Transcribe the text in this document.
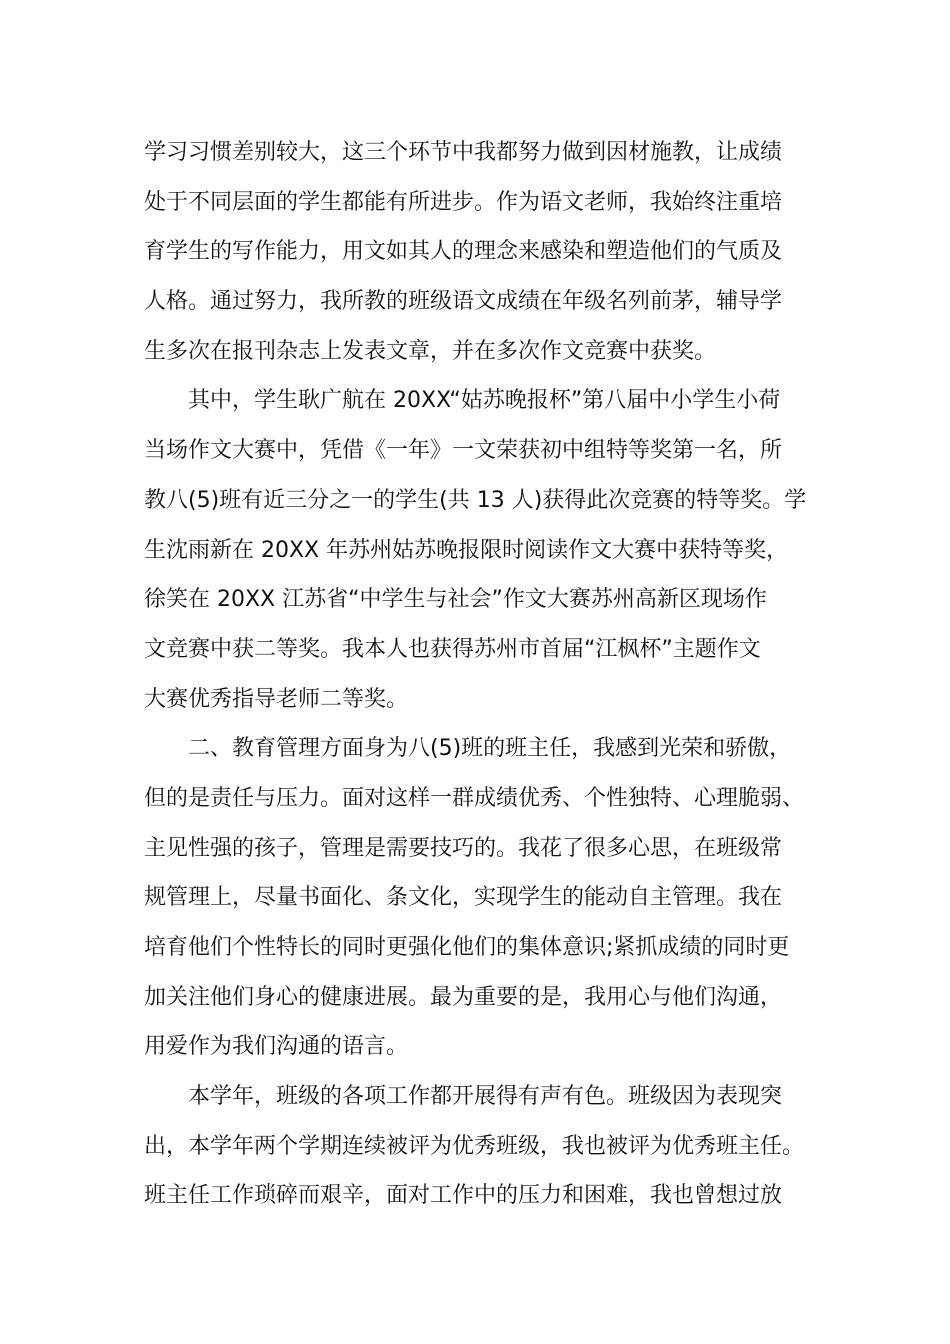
学习习惯差别较大，这三个环节中我都努力做到因材施教，让成绩
处于不同层面的学生都能有所进步。作为语文老师，我始终注重培
育学生的写作能力，用文如其人的理念来感染和塑造他们的气质及
人格。通过努力，我所教的班级语文成绩在年级名列前茅，辅导学
生多次在报刊杂志上发表文章，并在多次作文竞赛中获奖。
其中，学生耿广航在 20XX“姑苏晚报杯”第八届中小学生小荷
当场作文大赛中，凭借《一年》一文荣获初中组特等奖第一名，所
教八(5)班有近三分之一的学生(共 13 人)获得此次竞赛的特等奖。学
生沈雨新在 20XX 年苏州姑苏晚报限时阅读作文大赛中获特等奖，
徐笑在 20XX 江苏省“中学生与社会”作文大赛苏州高新区现场作
文竞赛中获二等奖。我本人也获得苏州市首届“江枫杯”主题作文
大赛优秀指导老师二等奖。
二、教育管理方面身为八(5)班的班主任，我感到光荣和骄傲，
但的是责任与压力。面对这样一群成绩优秀、个性独特、心理脆弱、
主见性强的孩子，管理是需要技巧的。我花了很多心思，在班级常
规管理上，尽量书面化、条文化，实现学生的能动自主管理。我在
培育他们个性特长的同时更强化他们的集体意识;紧抓成绩的同时更
加关注他们身心的健康进展。最为重要的是，我用心与他们沟通，
用爱作为我们沟通的语言。
本学年，班级的各项工作都开展得有声有色。班级因为表现突
出，本学年两个学期连续被评为优秀班级，我也被评为优秀班主任。
班主任工作琐碎而艰辛，面对工作中的压力和困难，我也曾想过放
